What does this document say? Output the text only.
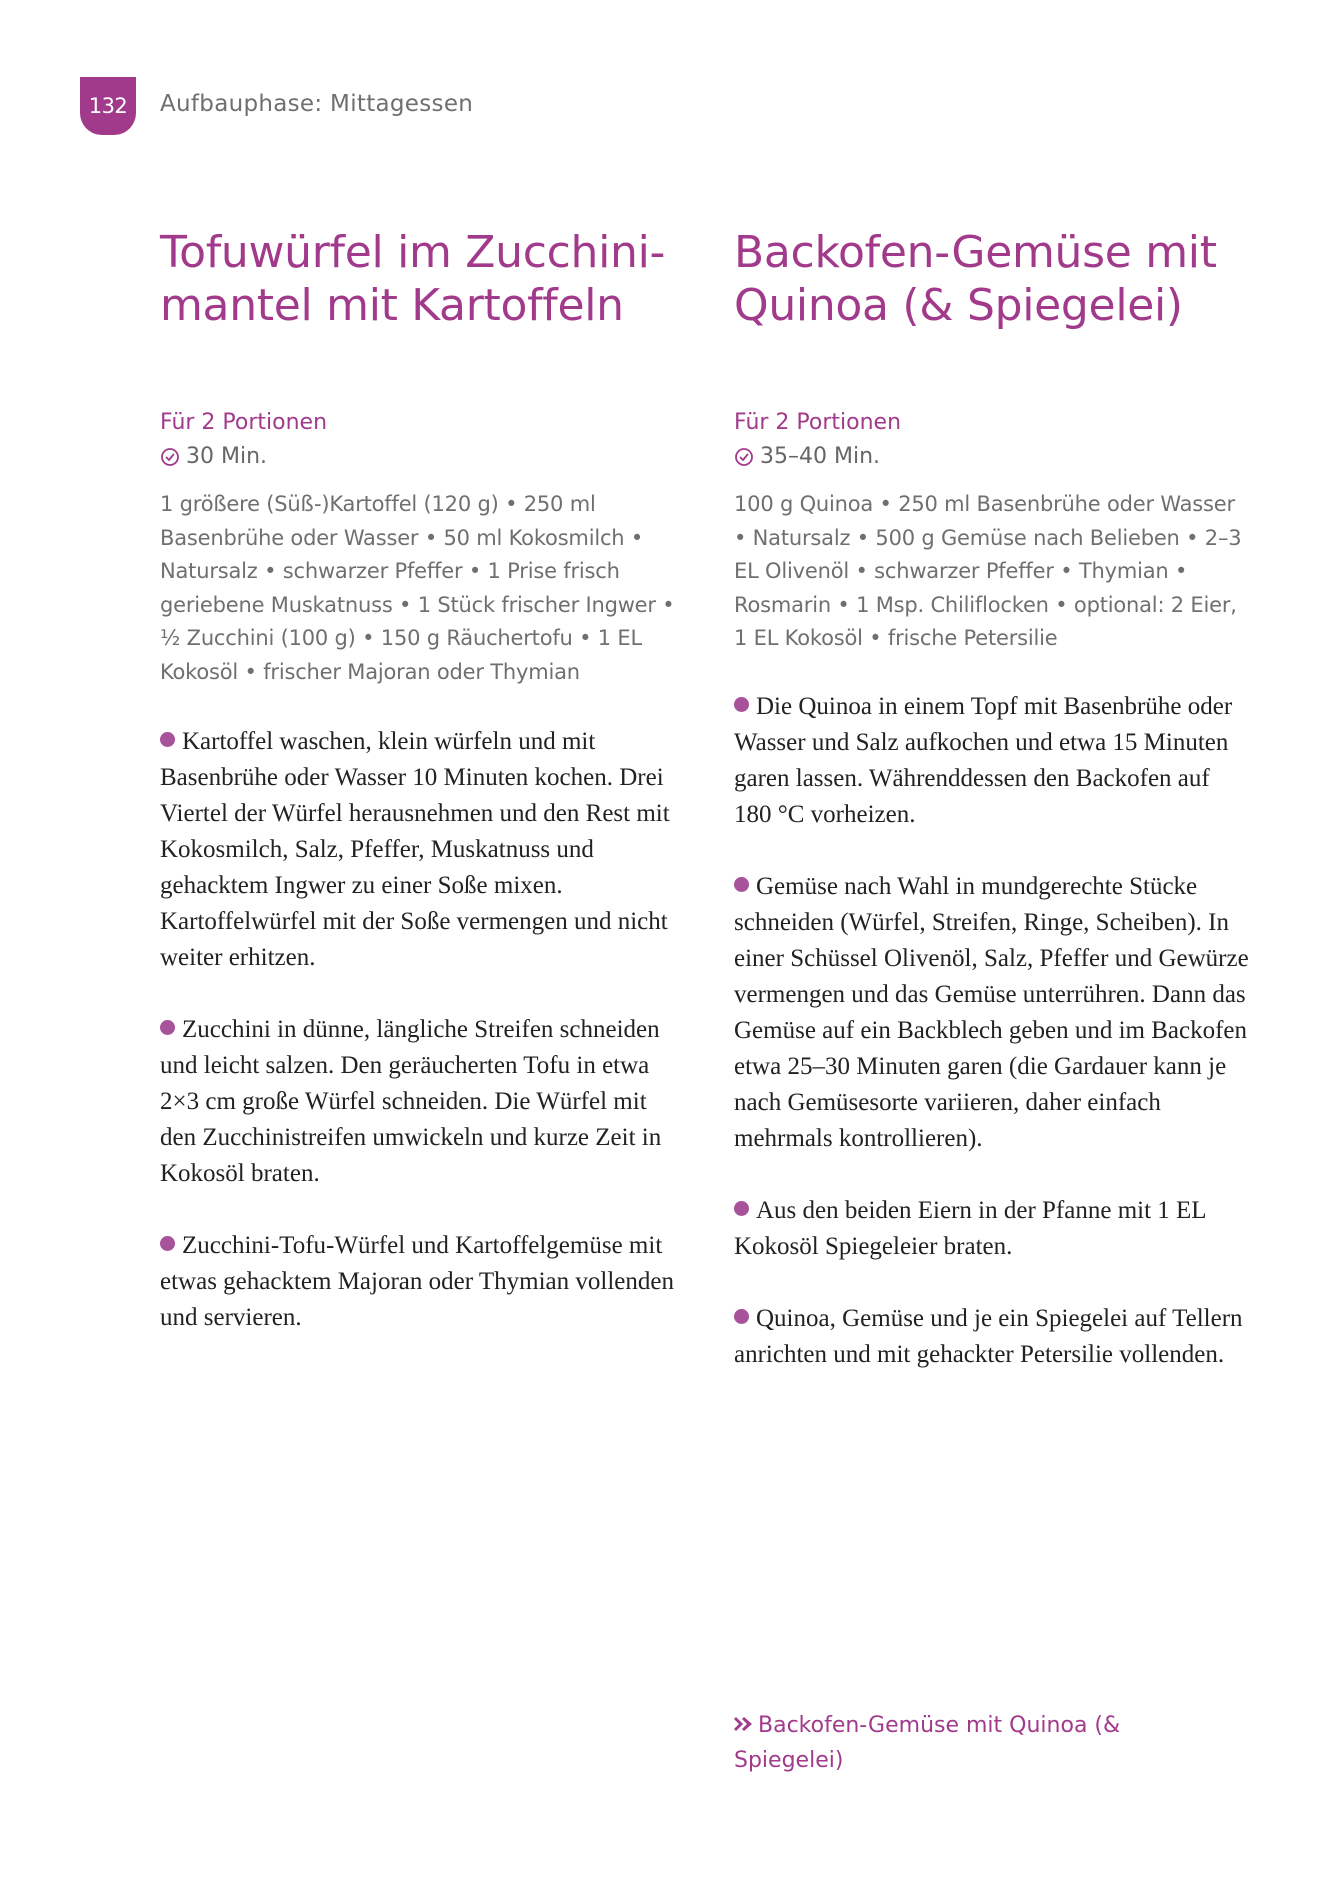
132 Aufbauphase: Mittagessen
Tofuwürfel im Zucchinimantel mit Kartoffeln
Für 2 Portionen
30 Min.
1 größere (Süß-)Kartoffel (120 g) • 250 ml Basenbrühe oder Wasser • 50 ml Kokosmilch • Natursalz • schwarzer Pfeffer • 1 Prise frisch geriebene Muskatnuss • 1 Stück frischer Ingwer • ½ Zucchini (100 g) • 150 g Räuchertofu • 1 EL Kokosöl • frischer Majoran oder Thymian

Kartoffel waschen, klein würfeln und mit Basenbrühe oder Wasser 10 Minuten kochen. Drei Viertel der Würfel herausnehmen und den Rest mit Kokosmilch, Salz, Pfeffer, Muskatnuss und gehacktem Ingwer zu einer Soße mixen. Kartoffelwürfel mit der Soße vermengen und nicht weiter erhitzen.

Zucchini in dünne, längliche Streifen schneiden und leicht salzen. Den geräucherten Tofu in etwa 2×3 cm große Würfel schneiden. Die Würfel mit den Zucchinistreifen umwickeln und kurze Zeit in Kokosöl braten.

Zucchini-Tofu-Würfel und Kartoffelgemüse mit etwas gehacktem Majoran oder Thymian vollenden und servieren.

Backofen-Gemüse mit Quinoa (& Spiegelei)
Für 2 Portionen
35–40 Min.
100 g Quinoa • 250 ml Basenbrühe oder Wasser • Natursalz • 500 g Gemüse nach Belieben • 2–3 EL Olivenöl • schwarzer Pfeffer • Thymian • Rosmarin • 1 Msp. Chiliflocken • optional: 2 Eier, 1 EL Kokosöl • frische Petersilie

Die Quinoa in einem Topf mit Basenbrühe oder Wasser und Salz aufkochen und etwa 15 Minuten garen lassen. Währenddessen den Backofen auf 180 °C vorheizen.

Gemüse nach Wahl in mundgerechte Stücke schneiden (Würfel, Streifen, Ringe, Scheiben). In einer Schüssel Olivenöl, Salz, Pfeffer und Gewürze vermengen und das Gemüse unterrühren. Dann das Gemüse auf ein Backblech geben und im Backofen etwa 25–30 Minuten garen (die Gardauer kann je nach Gemüsesorte variieren, daher einfach mehrmals kontrollieren).

Aus den beiden Eiern in der Pfanne mit 1 EL Kokosöl Spiegeleier braten.

Quinoa, Gemüse und je ein Spiegelei auf Tellern anrichten und mit gehackter Petersilie vollenden.

Backofen-Gemüse mit Quinoa (& Spiegelei)
